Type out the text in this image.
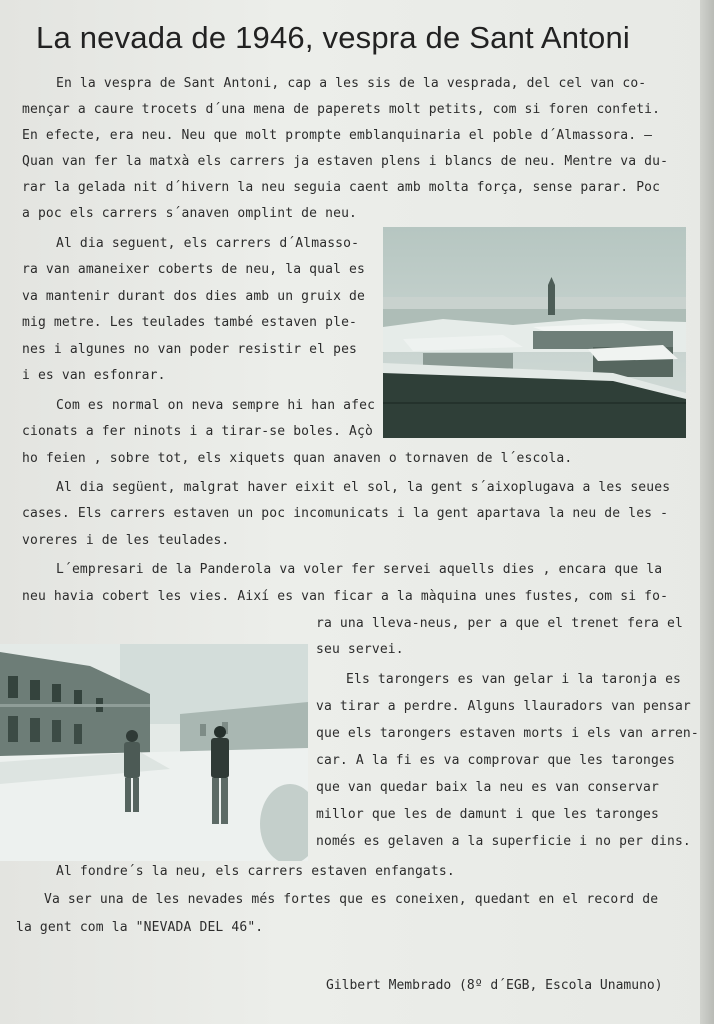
La nevada de 1946, vespra de Sant Antoni
En la vespra de Sant Antoni, cap a les sis de la vesprada, del cel van co-
mençar a caure trocets d´una mena de paperets molt petits, com si foren confeti.
En efecte, era neu. Neu que molt prompte emblanquinaria el poble d´Almassora. —
Quan van fer la matxà els carrers ja estaven plens i blancs de neu. Mentre va du-
rar la gelada nit d´hivern la neu seguia caent amb molta força, sense parar. Poc
a poc els carrers s´anaven omplint de neu.
Al dia seguent, els carrers d´Almasso-
ra van amaneixer coberts de neu, la qual es
va mantenir durant dos dies amb un gruix de
mig metre. Les teulades també estaven ple-
nes i algunes no van poder resistir el pes
i es van esfonrar.
Com es normal on neva sempre hi han afec
cionats a fer ninots i a tirar-se boles. Açò
ho feien , sobre tot, els xiquets quan anaven o tornaven de l´escola.
Al dia següent, malgrat haver eixit el sol, la gent s´aixoplugava a les seues
cases. Els carrers estaven un poc incomunicats i la gent apartava la neu de les -
voreres i de les teulades.
L´empresari de la Panderola va voler fer servei aquells dies , encara que la
neu havia cobert les vies. Així es van ficar a la màquina unes fustes, com si fo-
ra una lleva-neus, per a que el trenet fera el
seu servei.
Els tarongers es van gelar i la taronja es
va tirar a perdre. Alguns llauradors van pensar
que els tarongers estaven morts i els van arren-
car. A la fi es va comprovar que les taronges
que van quedar baix la neu es van conservar
millor que les de damunt i que les taronges
només es gelaven a la superficie i no per dins.
Al fondre´s la neu, els carrers estaven enfangats.
Va ser una de les nevades més fortes que es coneixen, quedant en el record de
la gent com la "NEVADA DEL 46".
Gilbert Membrado (8º d´EGB, Escola Unamuno)
